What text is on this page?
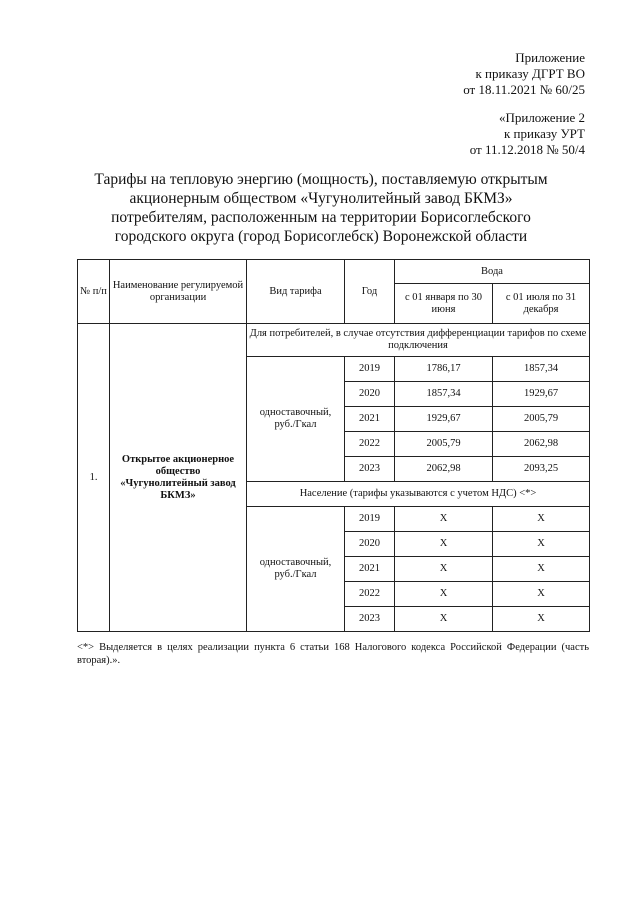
Приложение
к приказу ДГРТ ВО
от 18.11.2021 № 60/25
«Приложение 2
к приказу УРТ
от 11.12.2018 № 50/4
Тарифы на тепловую энергию (мощность), поставляемую открытым акционерным обществом «Чугунолитейный завод БКМЗ» потребителям, расположенным на территории Борисоглебского городского округа (город Борисоглебск) Воронежской области
№ п/п	Наименование регулируемой организации	Вид тарифа	Год	Вода	
				с 01 января по 30 июня	с 01 июля по 31 декабря
1.	Открытое акционерное общество «Чугунолитейный завод БКМЗ»	Для потребителей, в случае отсутствия дифференциации тарифов по схеме подключения			
		одноставочный, руб./Гкал	2019	1786,17	1857,34
			2020	1857,34	1929,67
			2021	1929,67	2005,79
			2022	2005,79	2062,98
			2023	2062,98	2093,25
		Население (тарифы указываются с учетом НДС) <*>			
		одноставочный, руб./Гкал	2019	Х	Х
			2020	Х	Х
			2021	Х	Х
			2022	Х	Х
			2023	Х	Х
<*> Выделяется в целях реализации пункта 6 статьи 168 Налогового кодекса Российской Федерации (часть вторая).».
